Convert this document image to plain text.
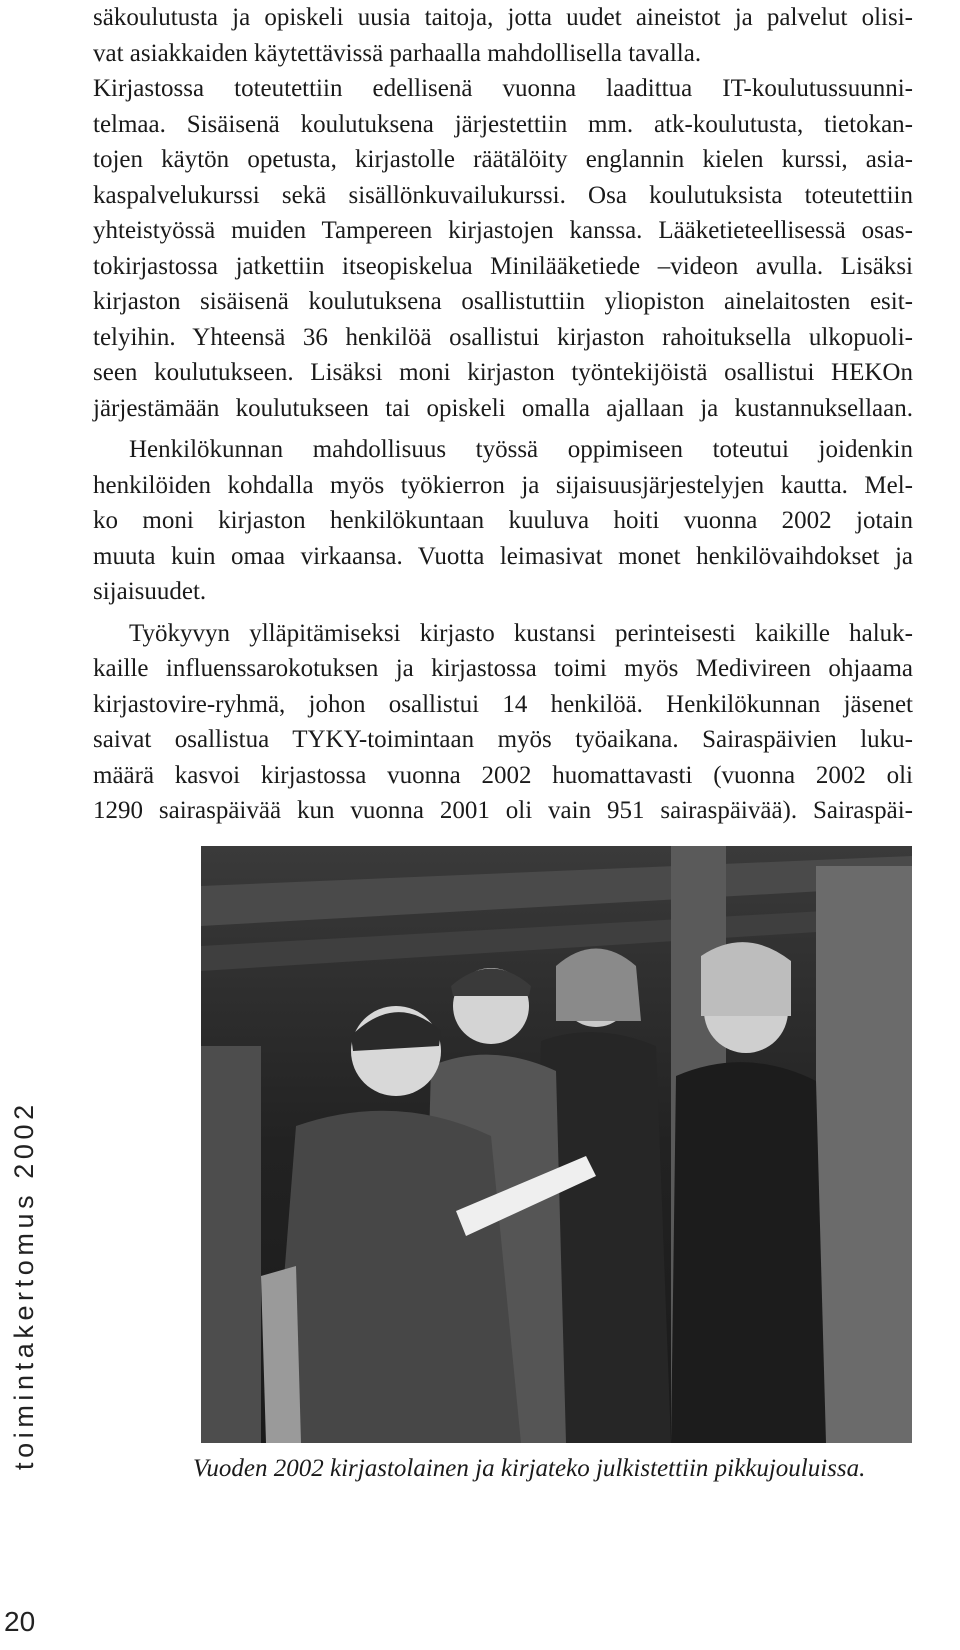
säkoulutusta ja opiskeli uusia taitoja, jotta uudet aineistot ja palvelut olisi-
vat asiakkaiden käytettävissä parhaalla mahdollisella tavalla.
Kirjastossa toteutettiin edellisenä vuonna laadittua IT-koulutussuunni-
telmaa. Sisäisenä koulutuksena järjestettiin mm. atk-koulutusta, tietokan-
tojen käytön opetusta, kirjastolle räätälöity englannin kielen kurssi, asia-
kaspalvelukurssi sekä sisällönkuvailukurssi. Osa koulutuksista toteutettiin
yhteistyössä muiden Tampereen kirjastojen kanssa. Lääketieteellisessä osas-
tokirjastossa jatkettiin itseopiskelua Minilääketiede –videon avulla. Lisäksi
kirjaston sisäisenä koulutuksena osallistuttiin yliopiston ainelaitosten esit-
telyihin. Yhteensä 36 henkilöä osallistui kirjaston rahoituksella ulkopuoli-
seen koulutukseen. Lisäksi moni kirjaston työntekijöistä osallistui HEKOn
järjestämään koulutukseen tai opiskeli omalla ajallaan ja kustannuksellaan.
Henkilökunnan mahdollisuus työssä oppimiseen toteutui joidenkin
henkilöiden kohdalla myös työkierron ja sijaisuusjärjestelyjen kautta. Mel-
ko moni kirjaston henkilökuntaan kuuluva hoiti vuonna 2002 jotain
muuta kuin omaa virkaansa. Vuotta leimasivat monet henkilövaihdokset ja
sijaisuudet.
Työkyvyn ylläpitämiseksi kirjasto kustansi perinteisesti kaikille haluk-
kaille influenssarokotuksen ja kirjastossa toimi myös Medivireen ohjaama
kirjastovire-ryhmä, johon osallistui 14 henkilöä. Henkilökunnan jäsenet
saivat osallistua TYKY-toimintaan myös työaikana. Sairaspäivien luku-
määrä kasvoi kirjastossa vuonna 2002 huomattavasti (vuonna 2002 oli
1290 sairaspäivää kun vuonna 2001 oli vain 951 sairaspäivää). Sairaspäi-
Vuoden 2002 kirjastolainen ja kirjateko julkistettiin pikkujouluissa.
toimintakertomus 2002
20
